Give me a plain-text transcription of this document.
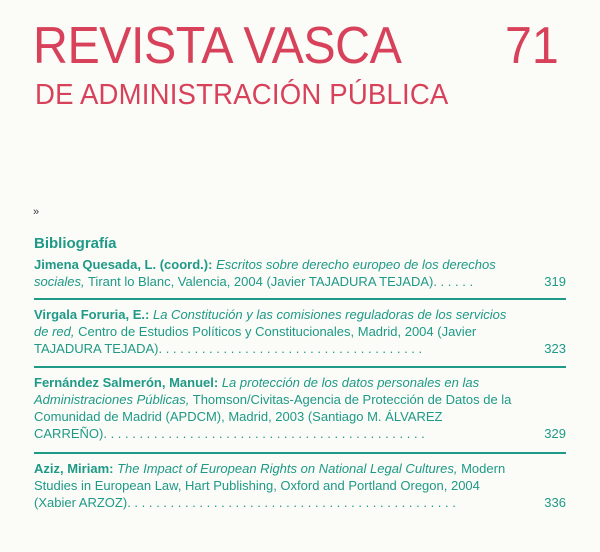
REVISTA VASCA 71
DE ADMINISTRACIÓN PÚBLICA
»
Bibliografía
Jimena Quesada, L. (coord.): Escritos sobre derecho europeo de los derechos sociales, Tirant lo Blanc, Valencia, 2004 (Javier TAJADURA TEJADA). . . . . .	319
Virgala Foruria, E.: La Constitución y las comisiones reguladoras de los servicios de red, Centro de Estudios Políticos y Constitucionales, Madrid, 2004 (Javier TAJADURA TEJADA). . . . . . . . . . . . . . . . . . . . . . . . . . . . . . . . . . . . .	323
Fernández Salmerón, Manuel: La protección de los datos personales en las Administraciones Públicas, Thomson/Civitas-Agencia de Protección de Datos de la Comunidad de Madrid (APDCM), Madrid, 2003 (Santiago M. ÁLVAREZ CARREÑO). . . . . . . . . . . . . . . . . . . . . . . . . . . . . . . . . . . . . . . . . . . . .	329
Aziz, Miriam: The Impact of European Rights on National Legal Cultures, Modern Studies in European Law, Hart Publishing, Oxford and Portland Oregon, 2004 (Xabier ARZOZ). . . . . . . . . . . . . . . . . . . . . . . . . . . . . . . . . . . . . . . . . . . . . .	336
